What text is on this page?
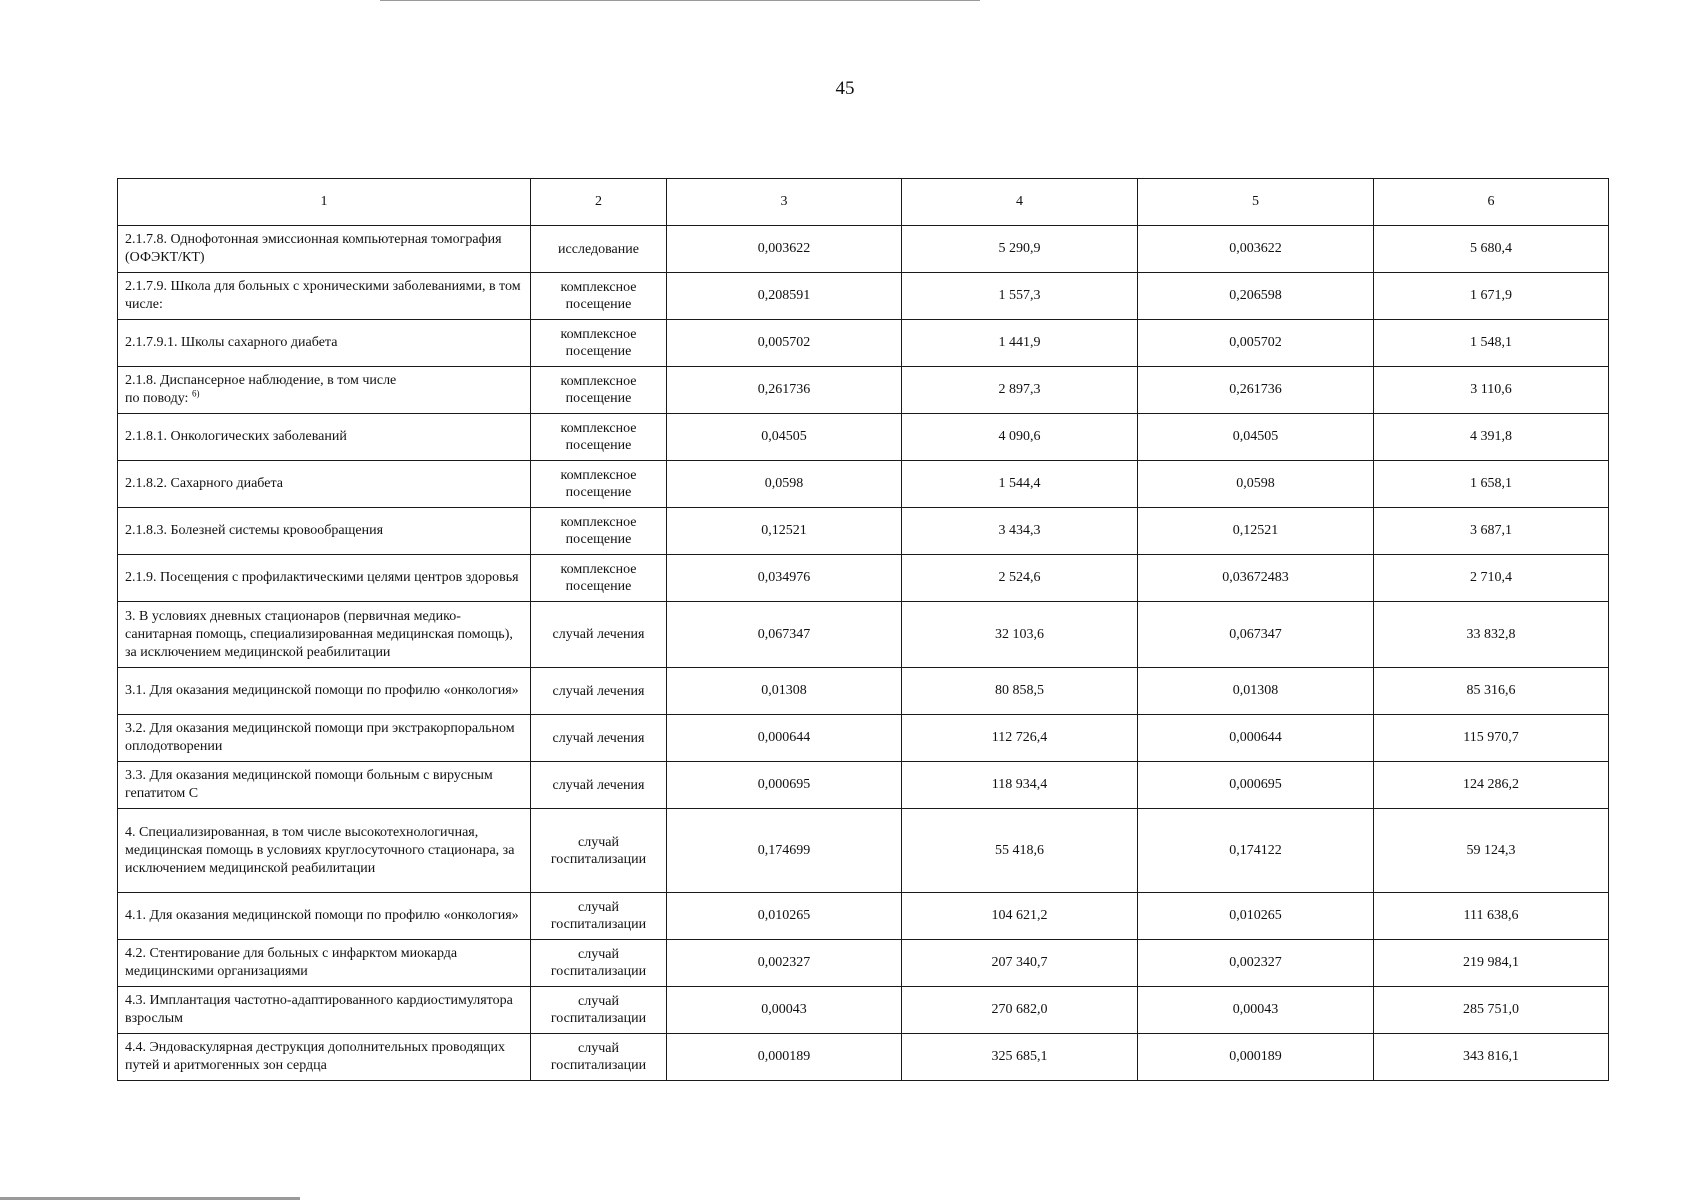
45
1	2	3	4	5	6
2.1.7.8. Однофотонная эмиссионная компьютерная томография (ОФЭКТ/КТ)	исследование	0,003622	5 290,9	0,003622	5 680,4
2.1.7.9. Школа для больных с хроническими заболеваниями, в том числе:	комплексное посещение	0,208591	1 557,3	0,206598	1 671,9
2.1.7.9.1. Школы сахарного диабета	комплексное посещение	0,005702	1 441,9	0,005702	1 548,1
2.1.8. Диспансерное наблюдение, в том числе
по поводу: $^{6)}$	комплексное посещение	0,261736	2 897,3	0,261736	3 110,6
2.1.8.1. Онкологических заболеваний	комплексное посещение	0,04505	4 090,6	0,04505	4 391,8
2.1.8.2. Сахарного диабета	комплексное посещение	0,0598	1 544,4	0,0598	1 658,1
2.1.8.3. Болезней системы кровообращения	комплексное посещение	0,12521	3 434,3	0,12521	3 687,1
2.1.9. Посещения с профилактическими целями центров здоровья	комплексное посещение	0,034976	2 524,6	0,03672483	2 710,4
3. В условиях дневных стационаров (первичная медико-санитарная помощь, специализированная медицинская помощь), за исключением медицинской реабилитации	случай лечения	0,067347	32 103,6	0,067347	33 832,8
3.1. Для оказания медицинской помощи по профилю «онкология»	случай лечения	0,01308	80 858,5	0,01308	85 316,6
3.2. Для оказания медицинской помощи при экстракорпоральном оплодотворении	случай лечения	0,000644	112 726,4	0,000644	115 970,7
3.3. Для оказания медицинской помощи больным с вирусным гепатитом С	случай лечения	0,000695	118 934,4	0,000695	124 286,2
4. Специализированная, в том числе высокотехнологичная, медицинская помощь в условиях круглосуточного стационара, за исключением медицинской реабилитации	случай госпитализации	0,174699	55 418,6	0,174122	59 124,3
4.1. Для оказания медицинской помощи по профилю «онкология»	случай госпитализации	0,010265	104 621,2	0,010265	111 638,6
4.2. Стентирование для больных с инфарктом миокарда медицинскими организациями	случай госпитализации	0,002327	207 340,7	0,002327	219 984,1
4.3. Имплантация частотно-адаптированного кардиостимулятора взрослым	случай госпитализации	0,00043	270 682,0	0,00043	285 751,0
4.4. Эндоваскулярная деструкция дополнительных проводящих путей и аритмогенных зон сердца	случай госпитализации	0,000189	325 685,1	0,000189	343 816,1
